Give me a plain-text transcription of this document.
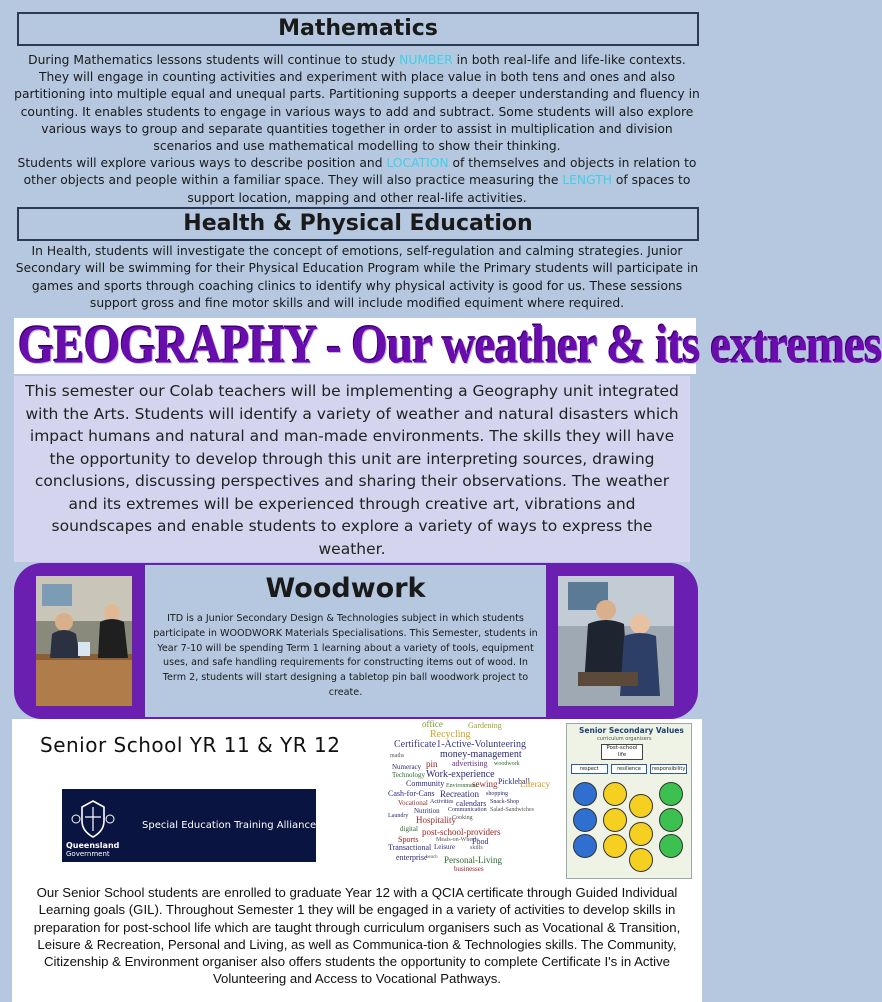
Mathematics

During Mathematics lessons students will continue to study NUMBER in both real-life and life-like contexts. They will engage in counting activities and experiment with place value in both tens and ones and also partitioning into multiple equal and unequal parts. Partitioning supports a deeper understanding and fluency in counting. It enables students to engage in various ways to add and subtract. Some students will also explore various ways to group and separate quantities together in order to assist in multiplication and division scenarios and use mathematical modelling to show their thinking.

Students will explore various ways to describe position and LOCATION of themselves and objects in relation to other objects and people within a familiar space. They will also practice measuring the LENGTH of spaces to support location, mapping and other real-life activities.

Health & Physical Education

In Health, students will investigate the concept of emotions, self-regulation and calming strategies. Junior Secondary will be swimming for their Physical Education Program while the Primary students will participate in games and sports through coaching clinics to identify why physical activity is good for us. These sessions support gross and fine motor skills and will include modified equiment where required.

GEOGRAPHY - Our weather & its extremes

This semester our Colab teachers will be implementing a Geography unit integrated with the Arts. Students will identify a variety of weather and natural disasters which impact humans and natural and man-made environments. The skills they will have the opportunity to develop through this unit are interpreting sources, drawing conclusions, discussing perspectives and sharing their observations. The weather and its extremes will be experienced through creative art, vibrations and soundscapes and enable students to explore a variety of ways to express the weather.

Woodwork

ITD is a Junior Secondary Design & Technologies subject in which students participate in WOODWORK Materials Specialisations. This Semester, students in Year 7-10 will be spending Term 1 learning about a variety of tools, equipment uses, and safe handling requirements for constructing items out of wood. In Term 2, students will start designing a tabletop pin ball woodwork project to create.

Senior School YR 11 & YR 12
Queensland
Government
Special Education Training Alliance
office	Gardening
Recycling
Certificate1-Active-Volunteering
money-management
maths
pin advertising woodwork
Numeracy
Work-experience
Technology
sewing Pickleball
Community Environment	Literacy
Cash-for-Cans Recreation shopping
Vocational Activities calendars Snack-Shop
Nutrition Communication Salad-Sandwiches
Laundry Hospitality
Cooking
digital post-school-providers
Sports	Meals-on-Wheels
Transactional Leisure	skills
Food
enterprise
beach Personal-Living
businesses
Senior Secondary Values
curriculum organisers
Post-school life
respect	resilience	responsibility

Our Senior School students are enrolled to graduate Year 12 with a QCIA certificate through Guided Individual Learning goals (GIL). Throughout Semester 1 they will be engaged in a variety of activities to develop skills in preparation for post-school life which are taught through curriculum organisers such as Vocational & Transition, Leisure & Recreation, Personal and Living, as well as Communica-tion & Technologies skills. The Community, Citizenship & Environment organiser also offers students the opportunity to complete Certificate I's in Active Volunteering and Access to Vocational Pathways.
